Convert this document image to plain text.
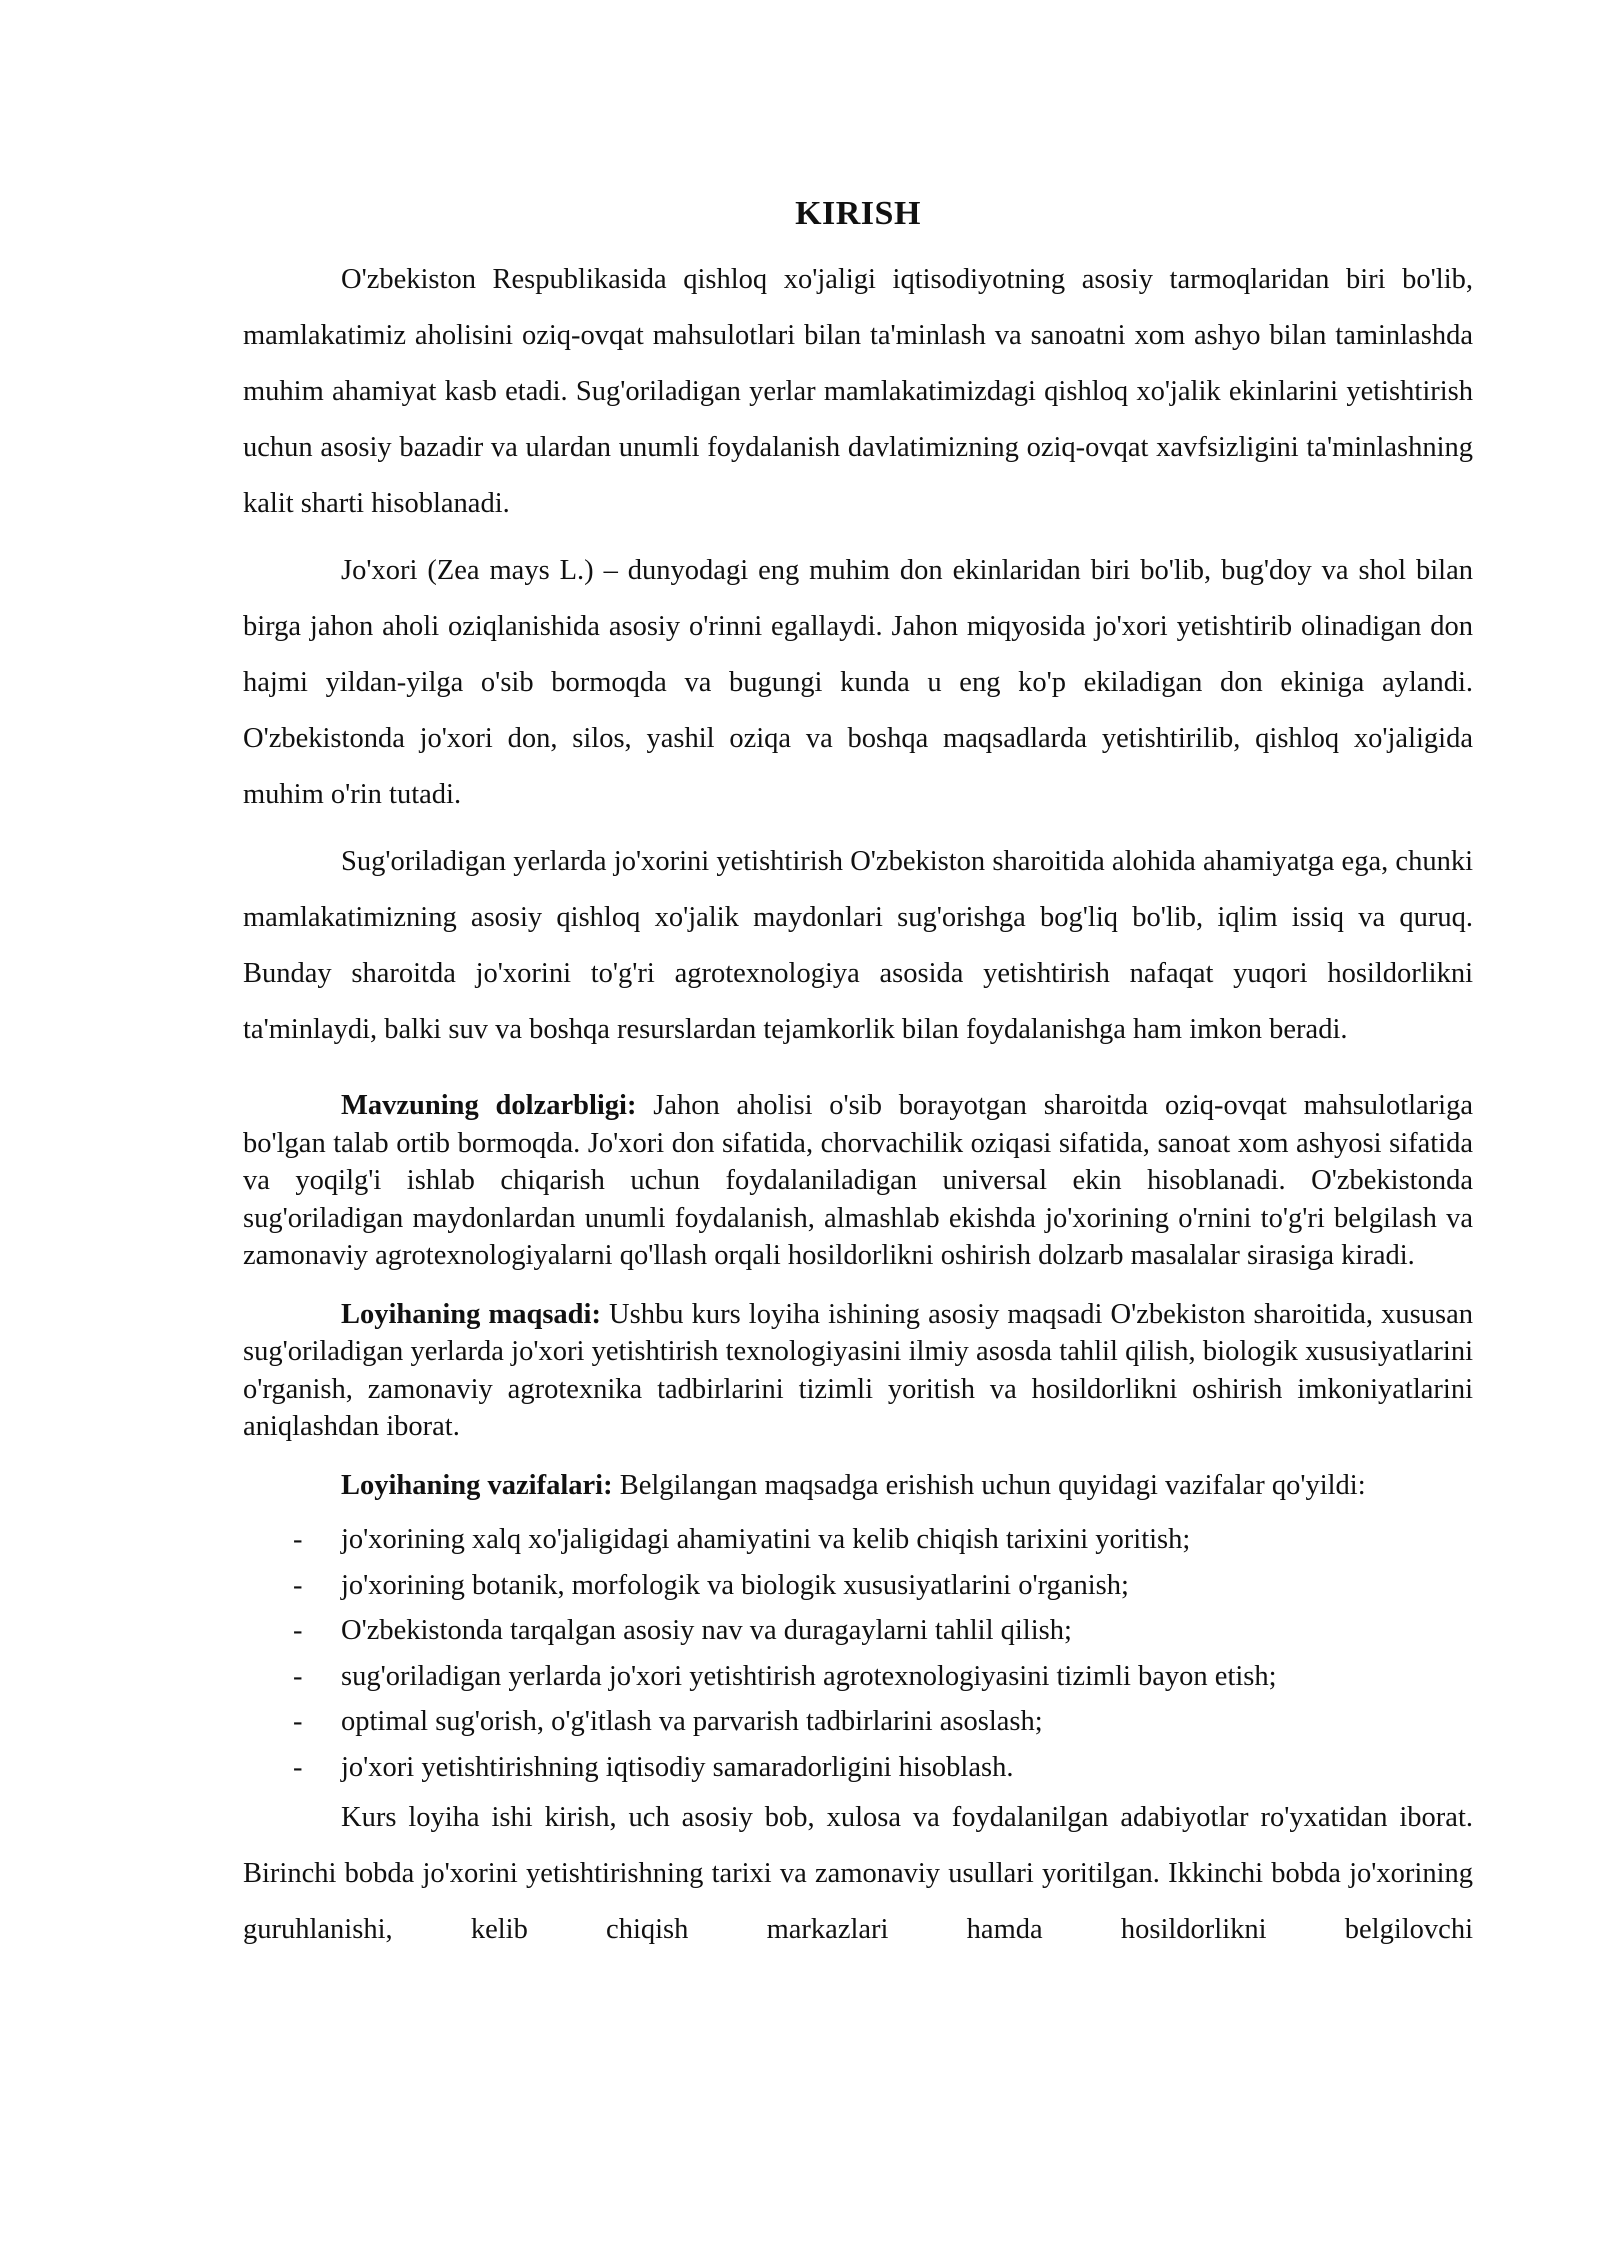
KIRISH

O'zbekiston Respublikasida qishloq xo'jaligi iqtisodiyotning asosiy tarmoqlaridan biri bo'lib, mamlakatimiz aholisini oziq-ovqat mahsulotlari bilan ta'minlash va sanoatni xom ashyo bilan taminlashda muhim ahamiyat kasb etadi. Sug'oriladigan yerlar mamlakatimizdagi qishloq xo'jalik ekinlarini yetishtirish uchun asosiy bazadir va ulardan unumli foydalanish davlatimizning oziq-ovqat xavfsizligini ta'minlashning kalit sharti hisoblanadi.

Jo'xori (Zea mays L.) – dunyodagi eng muhim don ekinlaridan biri bo'lib, bug'doy va shol bilan birga jahon aholi oziqlanishida asosiy o'rinni egallaydi. Jahon miqyosida jo'xori yetishtirib olinadigan don hajmi yildan-yilga o'sib bormoqda va bugungi kunda u eng ko'p ekiladigan don ekiniga aylandi. O'zbekistonda jo'xori don, silos, yashil oziqa va boshqa maqsadlarda yetishtirilib, qishloq xo'jaligida muhim o'rin tutadi.

Sug'oriladigan yerlarda jo'xorini yetishtirish O'zbekiston sharoitida alohida ahamiyatga ega, chunki mamlakatimizning asosiy qishloq xo'jalik maydonlari sug'orishga bog'liq bo'lib, iqlim issiq va quruq. Bunday sharoitda jo'xorini to'g'ri agrotexnologiya asosida yetishtirish nafaqat yuqori hosildorlikni ta'minlaydi, balki suv va boshqa resurslardan tejamkorlik bilan foydalanishga ham imkon beradi.

Mavzuning dolzarbligi: Jahon aholisi o'sib borayotgan sharoitda oziq-ovqat mahsulotlariga bo'lgan talab ortib bormoqda. Jo'xori don sifatida, chorvachilik oziqasi sifatida, sanoat xom ashyosi sifatida va yoqilg'i ishlab chiqarish uchun foydalaniladigan universal ekin hisoblanadi. O'zbekistonda sug'oriladigan maydonlardan unumli foydalanish, almashlab ekishda jo'xorining o'rnini to'g'ri belgilash va zamonaviy agrotexnologiyalarni qo'llash orqali hosildorlikni oshirish dolzarb masalalar sirasiga kiradi.

Loyihaning maqsadi: Ushbu kurs loyiha ishining asosiy maqsadi O'zbekiston sharoitida, xususan sug'oriladigan yerlarda jo'xori yetishtirish texnologiyasini ilmiy asosda tahlil qilish, biologik xususiyatlarini o'rganish, zamonaviy agrotexnika tadbirlarini tizimli yoritish va hosildorlikni oshirish imkoniyatlarini aniqlashdan iborat.

Loyihaning vazifalari: Belgilangan maqsadga erishish uchun quyidagi vazifalar qo'yildi:

- jo'xorining xalq xo'jaligidagi ahamiyatini va kelib chiqish tarixini yoritish;
- jo'xorining botanik, morfologik va biologik xususiyatlarini o'rganish;
- O'zbekistonda tarqalgan asosiy nav va duragaylarni tahlil qilish;
- sug'oriladigan yerlarda jo'xori yetishtirish agrotexnologiyasini tizimli bayon etish;
- optimal sug'orish, o'g'itlash va parvarish tadbirlarini asoslash;
- jo'xori yetishtirishning iqtisodiy samaradorligini hisoblash.

Kurs loyiha ishi kirish, uch asosiy bob, xulosa va foydalanilgan adabiyotlar ro'yxatidan iborat. Birinchi bobda jo'xorini yetishtirishning tarixi va zamonaviy usullari yoritilgan. Ikkinchi bobda jo'xorining guruhlanishi, kelib chiqish markazlari hamda hosildorlikni belgilovchi
